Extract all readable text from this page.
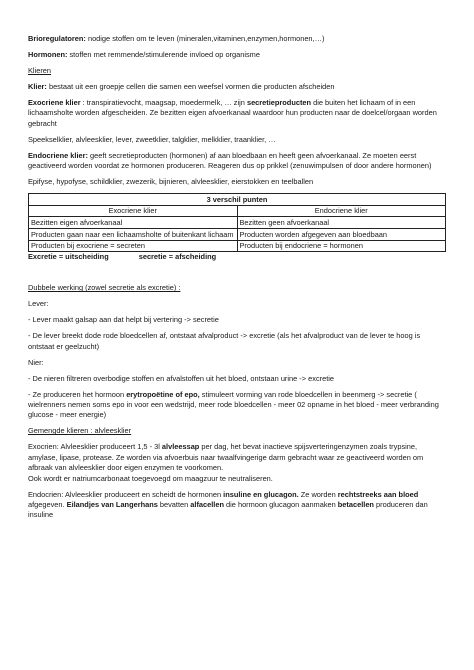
Brioregulatoren: nodige stoffen om te leven (mineralen,vitaminen,enzymen,hormonen,…)

Hormonen: stoffen met remmende/stimulerende invloed op organisme

Klieren

Klier: bestaat uit een groepje cellen die samen een weefsel vormen die producten afscheiden

Exocriene klier : transpiratievocht, maagsap, moedermelk, … zijn secretieproducten die buiten het lichaam of in een lichaamsholte worden afgescheiden. Ze bezitten eigen afvoerkanaal waardoor hun producten naar de doelcel/orgaan worden gebracht

Speekselklier, alvleesklier, lever, zweetklier, talgklier, melkklier, traanklier, …

Endocriene klier: geeft secretieproducten (hormonen) af aan bloedbaan en heeft geen afvoerkanaal. Ze moeten eerst geactiveerd worden voordat ze hormonen produceren. Reageren dus op prikkel (zenuwimpulsen of door andere hormonen)

Epifyse, hypofyse, schildklier, zwezerik, bijnieren, alvleesklier, eierstokken en teelballen

3 verschil punten	
Exocriene klier	Endocriene klier
Bezitten eigen afvoerkanaal	Bezitten geen afvoerkanaal
Producten gaan naar een lichaamsholte of buitenkant lichaam	Producten worden afgegeven aan bloedbaan
Producten bij exocriene = secreten	Producten bij endocriene = hormonen

Excretie = uitscheiding	secretie = afscheiding

Dubbele werking (zowel secretie als excretie) :

Lever:

- Lever maakt galsap aan dat helpt bij vertering -> secretie

- De lever breekt dode rode bloedcellen af, ontstaat afvalproduct -> excretie (als het afvalproduct van de lever te hoog is ontstaat er geelzucht)

Nier:

- De nieren filtreren overbodige stoffen en afvalstoffen uit het bloed, ontstaan urine -> excretie

- Ze produceren het hormoon erytropoëtine of epo, stimuleert vorming van rode bloedcellen in beenmerg -> secretie ( wielrenners nemen soms epo in voor een wedstrijd, meer rode bloedcellen - meer 02 opname in het bloed - meer verbranding glucose - meer energie)

Gemengde klieren : alvleesklier

Exocrien: Alvleesklier produceert 1,5 - 3l alvleessap per dag, het bevat inactieve spijsverteringenzymen zoals trypsine, amylase, lipase, protease. Ze worden via afvoerbuis naar twaalfvingerige darm gebracht waar ze geactiveerd worden om afbraak van alvleesklier door eigen enzymen te voorkomen.
Ook wordt er natriumcarbonaat toegevoegd om maagzuur te neutraliseren.

Endocrien: Alvleesklier produceert en scheidt de hormonen insuline en glucagon. Ze worden rechtstreeks aan bloed afgegeven. Eilandjes van Langerhans bevatten alfacellen die hormoon glucagon aanmaken betacellen produceren dan insuline
